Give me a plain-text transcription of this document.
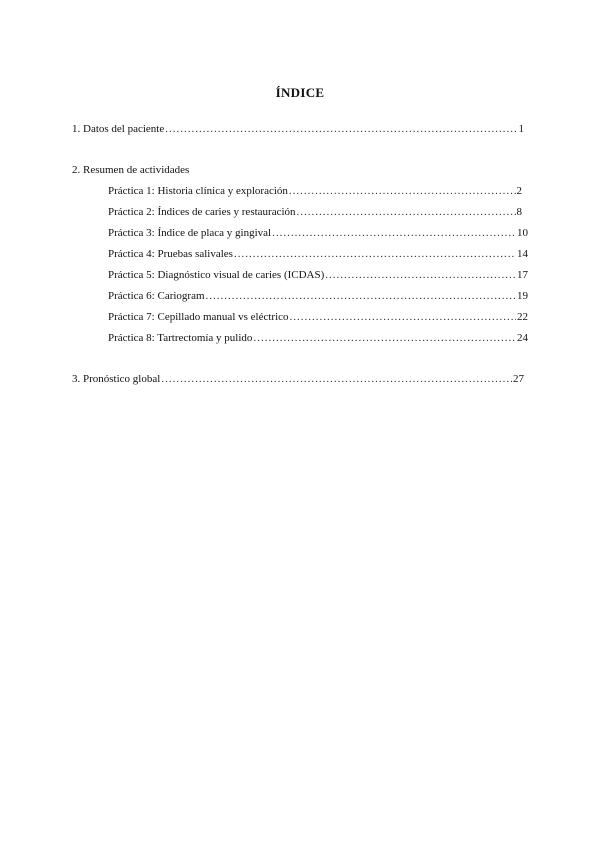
ÍNDICE
1. Datos del paciente .....	1
2. Resumen de actividades
Práctica 1: Historia clínica y exploración .....	2
Práctica 2: Índices de caries y restauración .....	8
Práctica 3: Índice de placa y gingival .....	10
Práctica 4: Pruebas salivales .....	14
Práctica 5: Diagnóstico visual de caries (ICDAS) .....	17
Práctica 6: Cariogram .....	19
Práctica 7: Cepillado manual vs eléctrico .....	22
Práctica 8: Tartrectomía y pulido .....	24
3. Pronóstico global .....	27
